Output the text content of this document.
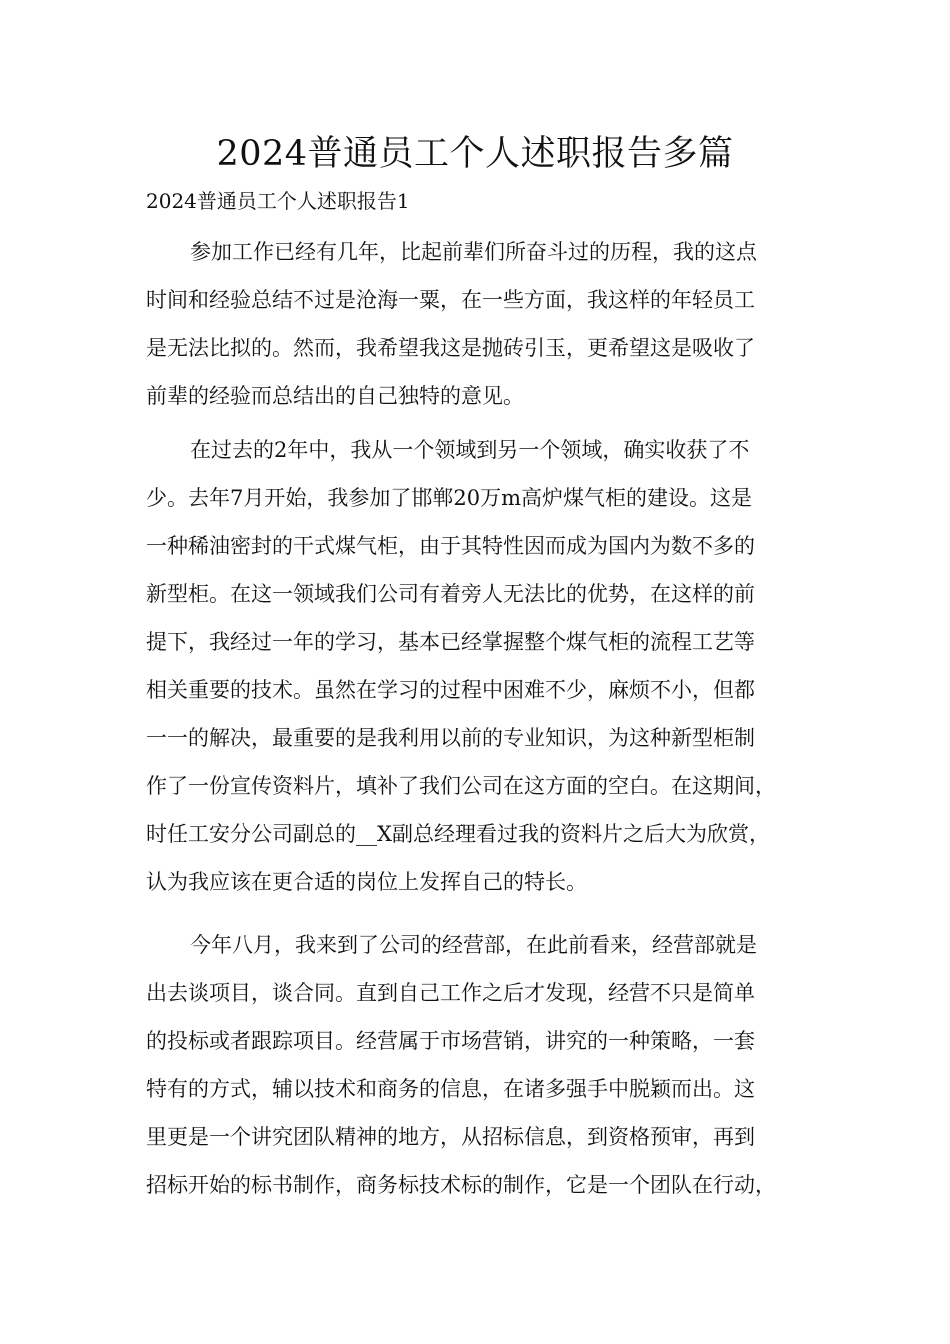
2024普通员工个人述职报告多篇

2024普通员工个人述职报告1

参加工作已经有几年，比起前辈们所奋斗过的历程，我的这点
时间和经验总结不过是沧海一粟，在一些方面，我这样的年轻员工
是无法比拟的。然而，我希望我这是抛砖引玉，更希望这是吸收了
前辈的经验而总结出的自己独特的意见。
在过去的2年中，我从一个领域到另一个领域，确实收获了不
少。去年7月开始，我参加了邯郸20万m高炉煤气柜的建设。这是
一种稀油密封的干式煤气柜，由于其特性因而成为国内为数不多的
新型柜。在这一领域我们公司有着旁人无法比的优势，在这样的前
提下，我经过一年的学习，基本已经掌握整个煤气柜的流程工艺等
相关重要的技术。虽然在学习的过程中困难不少，麻烦不小，但都
一一的解决，最重要的是我利用以前的专业知识，为这种新型柜制
作了一份宣传资料片，填补了我们公司在这方面的空白。在这期间，
时任工安分公司副总的__X副总经理看过我的资料片之后大为欣赏，
认为我应该在更合适的岗位上发挥自己的特长。
今年八月，我来到了公司的经营部，在此前看来，经营部就是
出去谈项目，谈合同。直到自己工作之后才发现，经营不只是简单
的投标或者跟踪项目。经营属于市场营销，讲究的一种策略，一套
特有的方式，辅以技术和商务的信息，在诸多强手中脱颖而出。这
里更是一个讲究团队精神的地方，从招标信息，到资格预审，再到
招标开始的标书制作，商务标技术标的制作，它是一个团队在行动，
